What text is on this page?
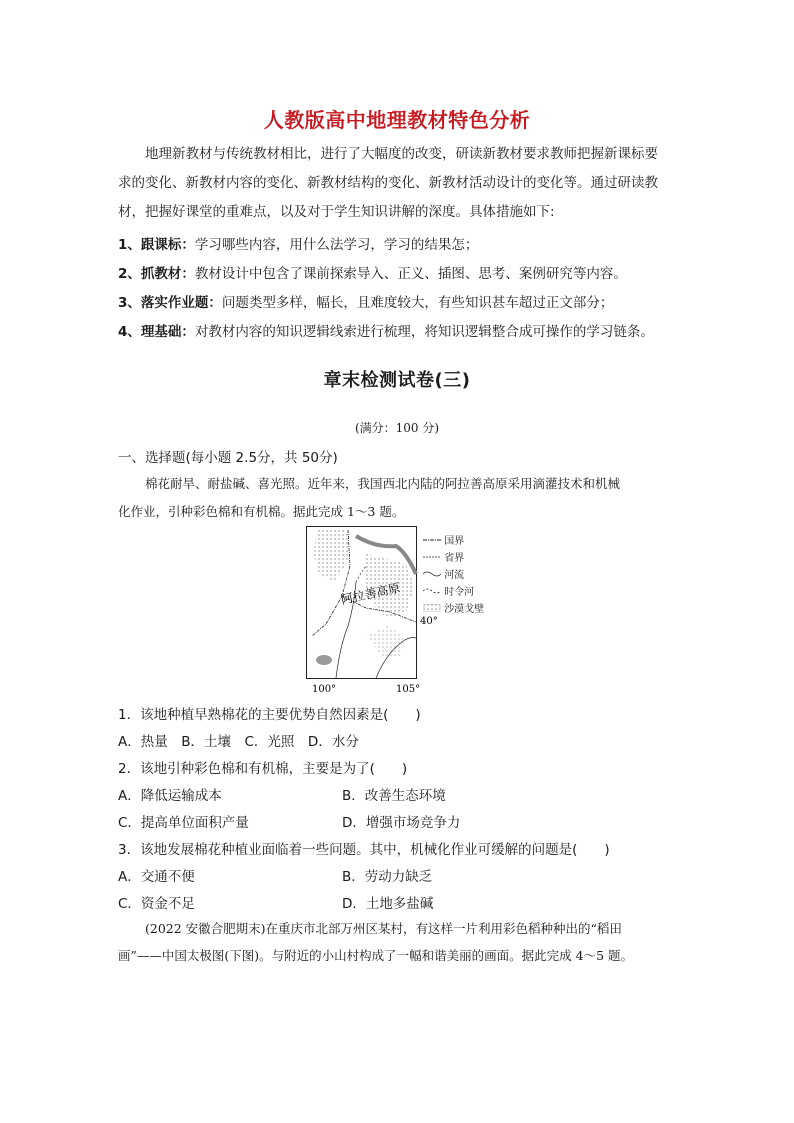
人教版高中地理教材特色分析
地理新教材与传统教材相比，进行了大幅度的改变，研读新教材要求教师把握新课标要
求的变化、新教材内容的变化、新教材结构的变化、新教材活动设计的变化等。通过研读教
材，把握好课堂的重难点，以及对于学生知识讲解的深度。具体措施如下:
1、跟课标：学习哪些内容，用什么法学习，学习的结果怎；
2、抓教材：教材设计中包含了课前探索导入、正义、插图、思考、案例研究等内容。
3、落实作业题：问题类型多样，幅长，且难度较大，有些知识甚车超过正文部分；
4、理基础：对教材内容的知识逻辑线索进行梳理，将知识逻辑整合成可操作的学习链条。
章末检测试卷(三)
(满分：100 分)
一、选择题(每小题 2.5分，共 50分)
棉花耐旱、耐盐碱、喜光照。近年来，我国西北内陆的阿拉善高原采用滴灌技术和机械
化作业，引种彩色棉和有机棉。据此完成 1～3 题。
阿拉善高原
40°
100°	105°
国界
省界
河流
时令河
沙漠戈壁
1．该地种植早熟棉花的主要优势自然因素是(　　)
A．热量　B．土壤　C．光照　D．水分
2．该地引种彩色棉和有机棉，主要是为了(　　)
A．降低运输成本	B．改善生态环境
C．提高单位面积产量	D．增强市场竞争力
3．该地发展棉花种植业面临着一些问题。其中，机械化作业可缓解的问题是(　　)
A．交通不便	B．劳动力缺乏
C．资金不足	D．土地多盐碱
(2022 安徽合肥期末)在重庆市北部万州区某村，有这样一片利用彩色稻种种出的“稻田
画”——中国太极图(下图)。与附近的小山村构成了一幅和谐美丽的画面。据此完成 4～5 题。
